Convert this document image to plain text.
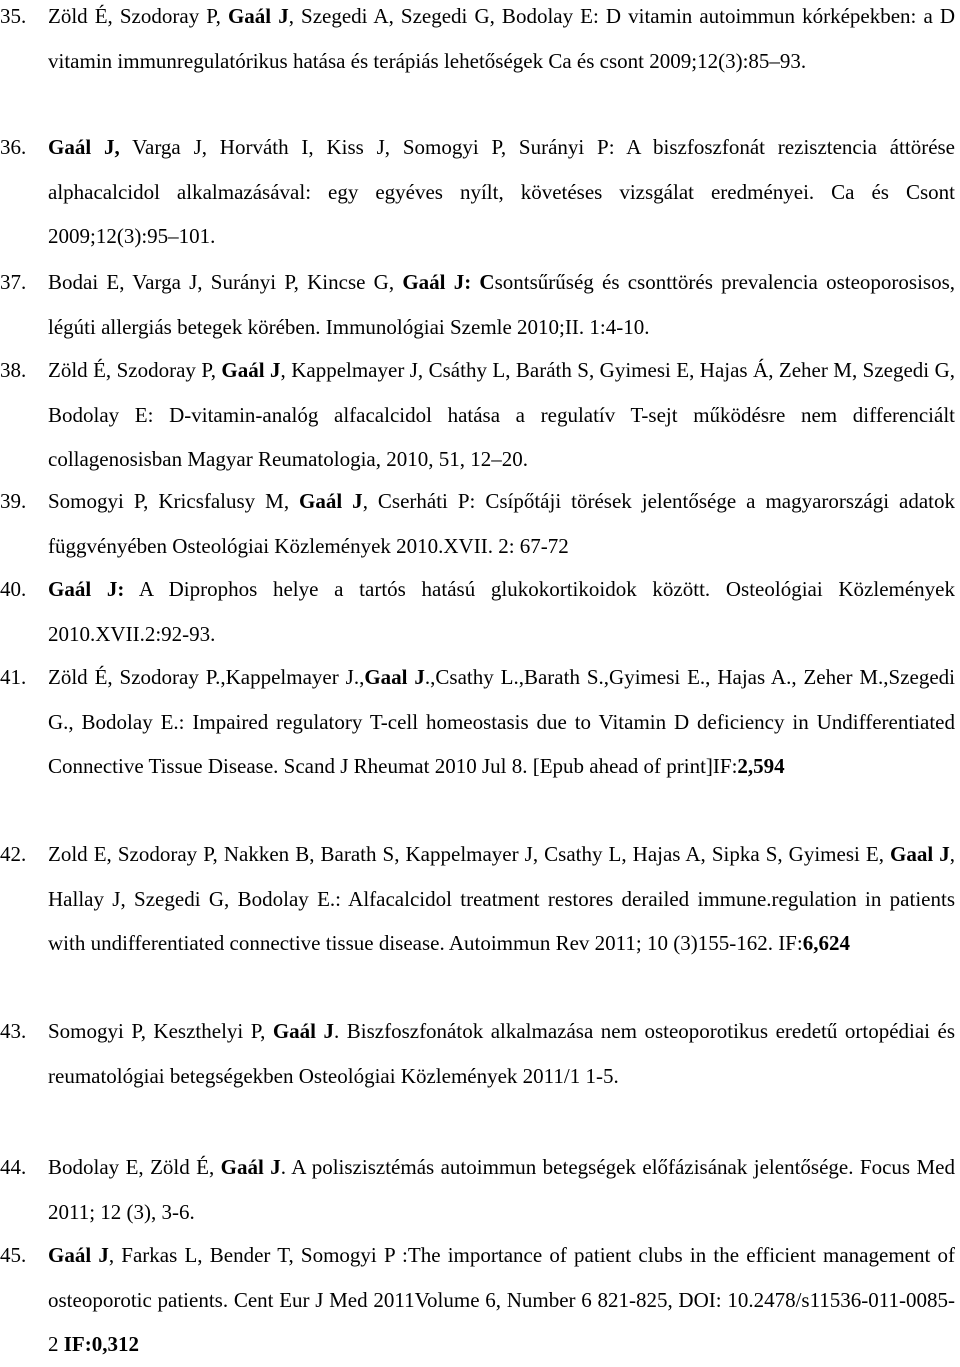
35. Zöld É, Szodoray P, Gaál J, Szegedi A, Szegedi G, Bodolay E: D vitamin autoimmun kórképekben: a D vitamin immunregulatórikus hatása és terápiás lehetőségek Ca és csont 2009;12(3):85–93.
36. Gaál J, Varga J, Horváth I, Kiss J, Somogyi P, Surányi P: A biszfoszfonát rezisztencia áttörése alphacalcidol alkalmazásával: egy egyéves nyílt, követéses vizsgálat eredményei. Ca és Csont 2009;12(3):95–101.
37. Bodai E, Varga J, Surányi P, Kincse G, Gaál J: Csontsűrűség és csonttörés prevalencia osteoporosisos, légúti allergiás betegek körében. Immunológiai Szemle 2010;II. 1:4-10.
38. Zöld É, Szodoray P, Gaál J, Kappelmayer J, Csáthy L, Baráth S, Gyimesi E, Hajas Á, Zeher M, Szegedi G, Bodolay E: D-vitamin-analóg alfacalcidol hatása a regulatív T-sejt működésre nem differenciált collagenosisban Magyar Reumatologia, 2010, 51, 12–20.
39. Somogyi P, Kricsfalusy M, Gaál J, Cserháti P: Csípőtáji törések jelentősége a magyarországi adatok függvényében Osteológiai Közlemények 2010.XVII. 2: 67-72
40. Gaál J: A Diprophos helye a tartós hatású glukokortikoidok között. Osteológiai Közlemények 2010.XVII.2:92-93.
41. Zöld É, Szodoray P.,Kappelmayer J.,Gaal J.,Csathy L.,Barath S.,Gyimesi E., Hajas A., Zeher M.,Szegedi G., Bodolay E.: Impaired regulatory T-cell homeostasis due to Vitamin D deficiency in Undifferentiated Connective Tissue Disease. Scand J Rheumat 2010 Jul 8. [Epub ahead of print]IF:2,594
42. Zold E, Szodoray P, Nakken B, Barath S, Kappelmayer J, Csathy L, Hajas A, Sipka S, Gyimesi E, Gaal J, Hallay J, Szegedi G, Bodolay E.: Alfacalcidol treatment restores derailed immune.regulation in patients with undifferentiated connective tissue disease. Autoimmun Rev 2011; 10 (3)155-162. IF:6,624
43. Somogyi P, Keszthelyi P, Gaál J. Biszfoszfonátok alkalmazása nem osteoporotikus eredetű ortopédiai és reumatológiai betegségekben Osteológiai Közlemények 2011/1 1-5.
44. Bodolay E, Zöld É, Gaál J. A poliszisztémás autoimmun betegségek előfázisának jelentősége. Focus Med 2011; 12 (3), 3-6.
45. Gaál J, Farkas L, Bender T, Somogyi P :The importance of patient clubs in the efficient management of osteoporotic patients. Cent Eur J Med 2011Volume 6, Number 6 821-825, DOI: 10.2478/s11536-011-0085-2 IF:0,312
